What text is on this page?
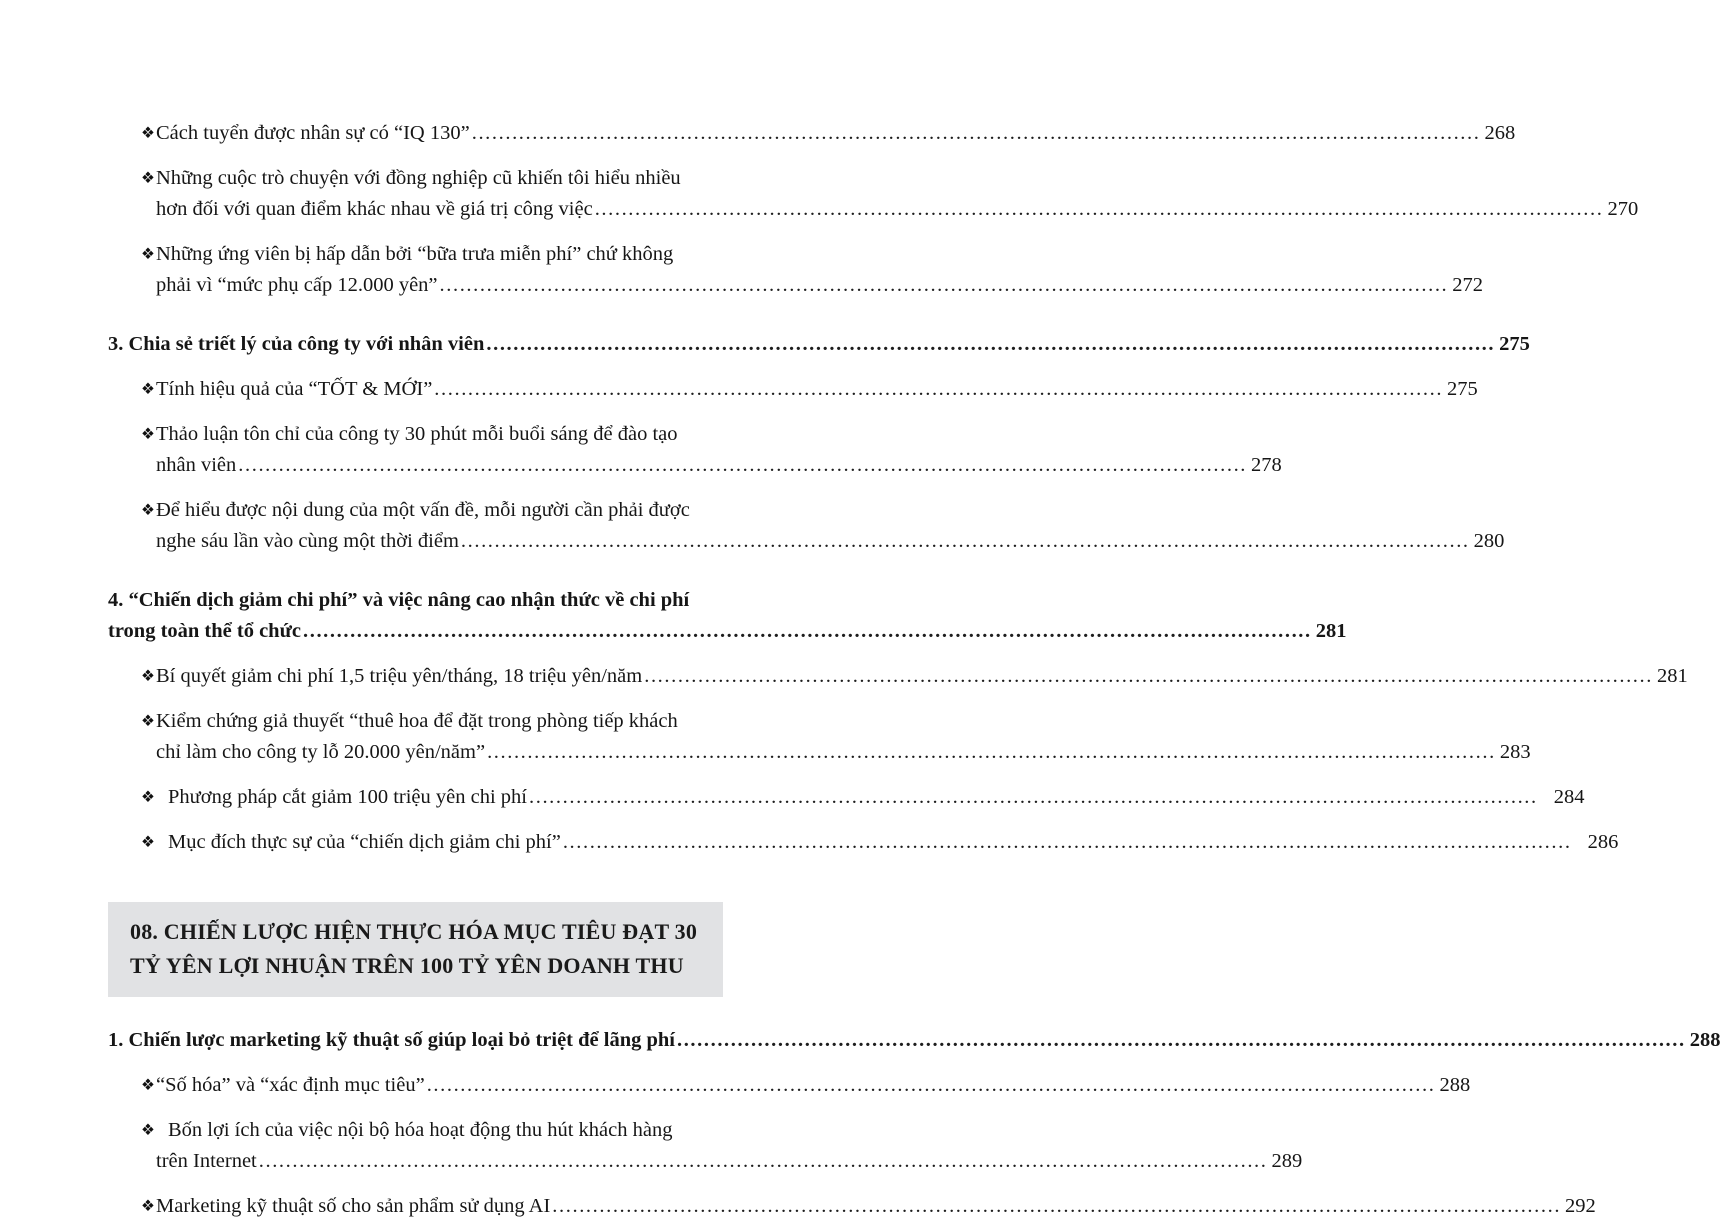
❖ Cách tuyển được nhân sự có “IQ 130” .....	268
❖ Những cuộc trò chuyện với đồng nghiệp cũ khiến tôi hiểu nhiều
hơn đối với quan điểm khác nhau về giá trị công việc .....	270
❖ Những ứng viên bị hấp dẫn bởi “bữa trưa miễn phí” chứ không
phải vì “mức phụ cấp 12.000 yên” .....	272
3. Chia sẻ triết lý của công ty với nhân viên .....	275
❖ Tính hiệu quả của “TỐT & MỚI” .....	275
❖ Thảo luận tôn chỉ của công ty 30 phút mỗi buổi sáng để đào tạo
nhân viên .....	278
❖ Để hiểu được nội dung của một vấn đề, mỗi người cần phải được
nghe sáu lần vào cùng một thời điểm .....	280
4. “Chiến dịch giảm chi phí” và việc nâng cao nhận thức về chi phí
trong toàn thể tổ chức .....	281
❖ Bí quyết giảm chi phí 1,5 triệu yên/tháng, 18 triệu yên/năm .....	281
❖ Kiểm chứng giả thuyết “thuê hoa để đặt trong phòng tiếp khách
chỉ làm cho công ty lỗ 20.000 yên/năm” .....	283
❖ Phương pháp cắt giảm 100 triệu yên chi phí .....	284
❖ Mục đích thực sự của “chiến dịch giảm chi phí” .....	286
08. CHIẾN LƯỢC HIỆN THỰC HÓA MỤC TIÊU ĐẠT 30
TỶ YÊN LỢI NHUẬN TRÊN 100 TỶ YÊN DOANH THU
1. Chiến lược marketing kỹ thuật số giúp loại bỏ triệt để lãng phí .....	288
❖ “Số hóa” và “xác định mục tiêu” .....	288
❖ Bốn lợi ích của việc nội bộ hóa hoạt động thu hút khách hàng
trên Internet .....	289
❖ Marketing kỹ thuật số cho sản phẩm sử dụng AI .....	292
